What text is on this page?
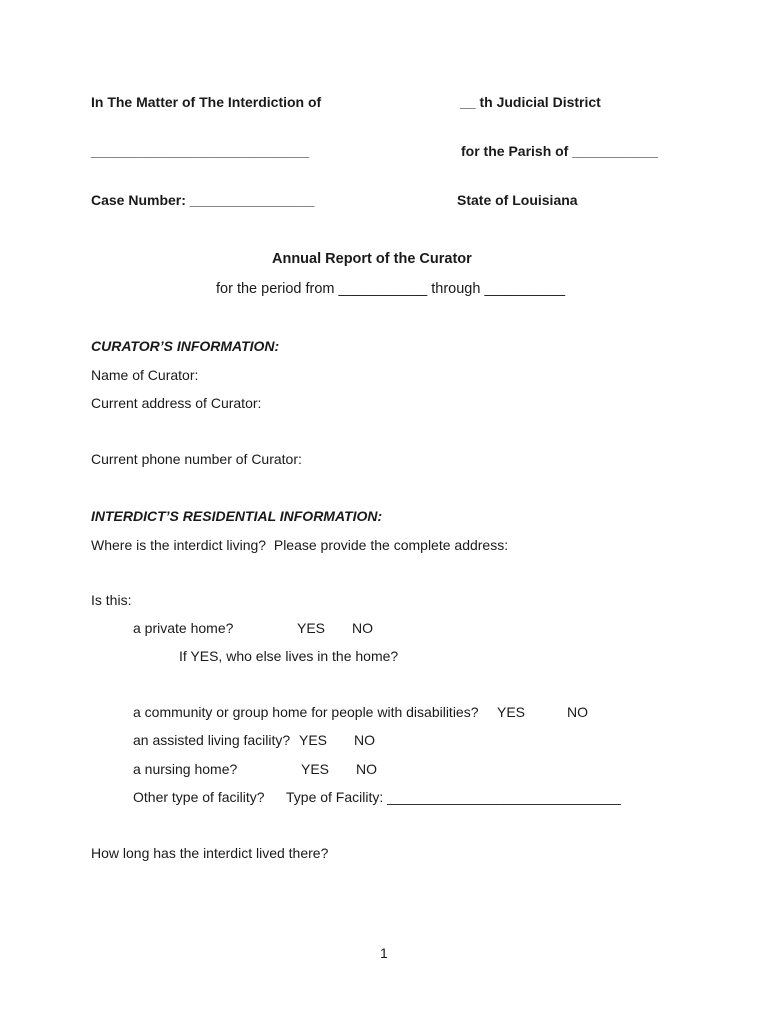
In The Matter of The Interdiction of	__ th Judicial District
____________________________	for the Parish of ___________
Case Number: ________________	State of Louisiana
Annual Report of the Curator
for the period from ___________ through __________
CURATOR’S INFORMATION:
Name of Curator:
Current address of Curator:
Current phone number of Curator:
INTERDICT’S RESIDENTIAL INFORMATION:
Where is the interdict living?  Please provide the complete address:
Is this:
a private home?	YES NO
If YES, who else lives in the home?
a community or group home for people with disabilities? YES	NO
an assisted living facility? YES NO
a nursing home?	YES NO
Other type of facility? Type of Facility: ______________________________
How long has the interdict lived there?
1
